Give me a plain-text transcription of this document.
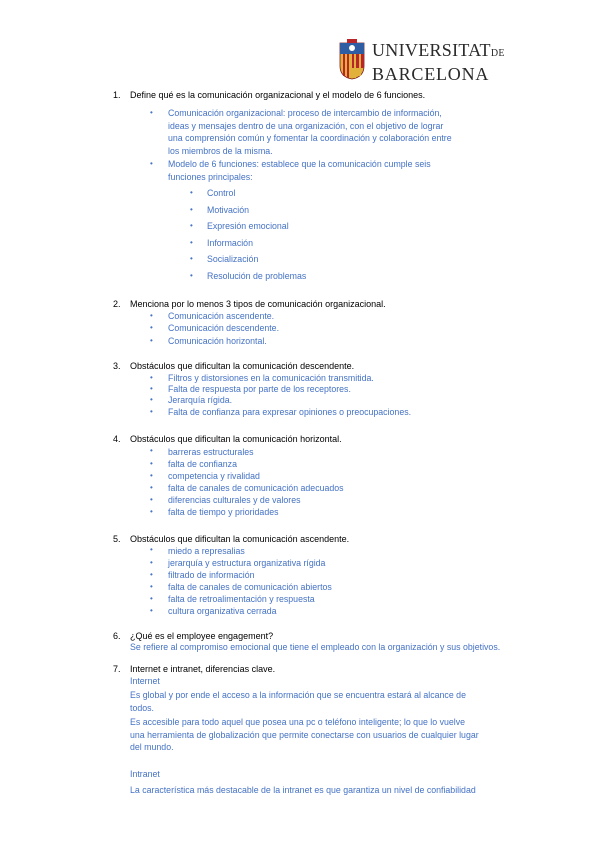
UNIVERSITATDE
BARCELONA
1. Define qué es la comunicación organizacional y el modelo de 6 funciones.
• Comunicación organizacional: proceso de intercambio de información,
ideas y mensajes dentro de una organización, con el objetivo de lograr
una comprensión común y fomentar la coordinación y colaboración entre
los miembros de la misma.
• Modelo de 6 funciones: establece que la comunicación cumple seis
funciones principales:
• Control
• Motivación
• Expresión emocional
• Información
• Socialización
• Resolución de problemas
2. Menciona por lo menos 3 tipos de comunicación organizacional.
• Comunicación ascendente.
• Comunicación descendente.
• Comunicación horizontal.
3. Obstáculos que dificultan la comunicación descendente.
• Filtros y distorsiones en la comunicación transmitida.
• Falta de respuesta por parte de los receptores.
• Jerarquía rígida.
• Falta de confianza para expresar opiniones o preocupaciones.
4. Obstáculos que dificultan la comunicación horizontal.
• barreras estructurales
• falta de confianza
• competencia y rivalidad
• falta de canales de comunicación adecuados
• diferencias culturales y de valores
• falta de tiempo y prioridades
5. Obstáculos que dificultan la comunicación ascendente.
• miedo a represalias
• jerarquía y estructura organizativa rígida
• filtrado de información
• falta de canales de comunicación abiertos
• falta de retroalimentación y respuesta
• cultura organizativa cerrada
6. ¿Qué es el employee engagement?
Se refiere al compromiso emocional que tiene el empleado con la organización y sus objetivos.
7. Internet e intranet, diferencias clave.
Internet
Es global y por ende el acceso a la información que se encuentra estará al alcance de
todos.
Es accesible para todo aquel que posea una pc o teléfono inteligente; lo que lo vuelve
una herramienta de globalización que permite conectarse con usuarios de cualquier lugar
del mundo.
Intranet
La característica más destacable de la intranet es que garantiza un nivel de confiabilidad
